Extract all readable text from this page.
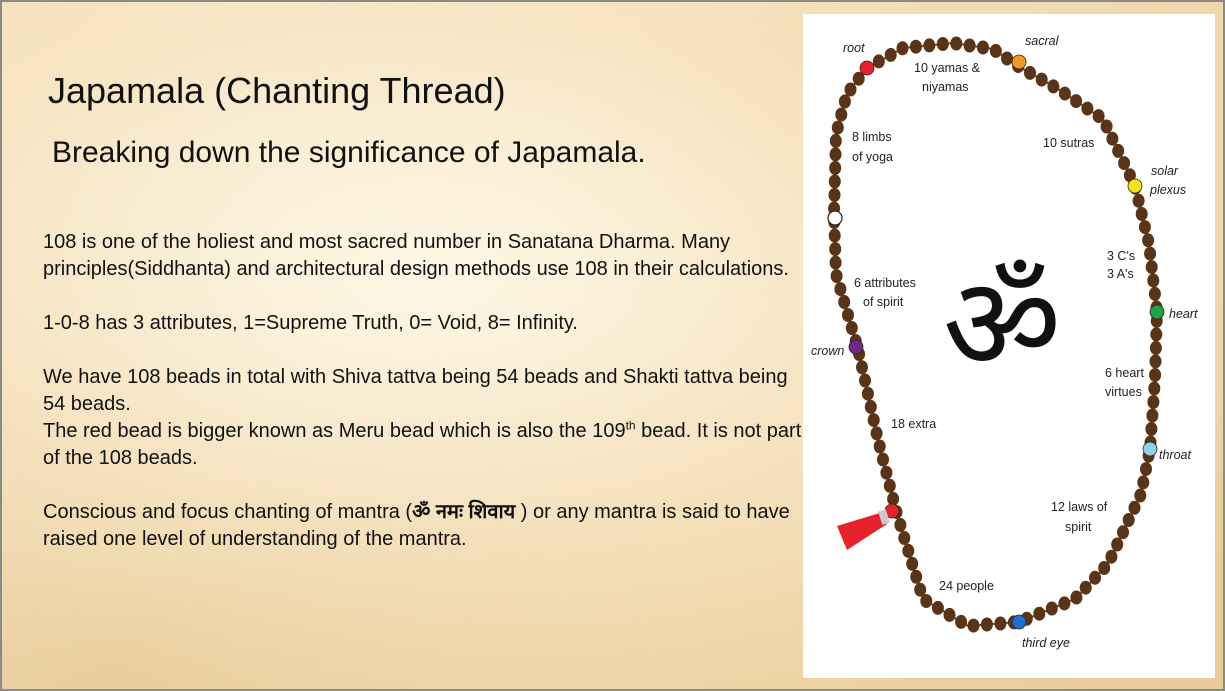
Japamala (Chanting Thread)
Breaking down the significance of Japamala.

108 is one of the holiest and most sacred number in Sanatana Dharma. Many principles(Siddhanta) and architectural design methods use 108 in their calculations.

1-0-8 has 3 attributes, 1=Supreme Truth, 0= Void, 8= Infinity.

We have 108 beads in total with Shiva tattva being 54 beads and Shakti tattva being 54 beads.

The red bead is bigger known as Meru bead which is also the 109th bead. It is not part of the 108 beads.

Conscious and focus chanting of mantra (ॐ नमः शिवाय ) or any mantra is said to have raised one level of understanding of the mantra.

ॐ
root	sacral
solar
plexus
heart
throat
third eye
crown
10 yamas &
niyamas
8 limbs
of yoga
10 sutras
3 C's
3 A's
6 attributes
of spirit
6 heart
virtues
18 extra
12 laws of
spirit
24 people
